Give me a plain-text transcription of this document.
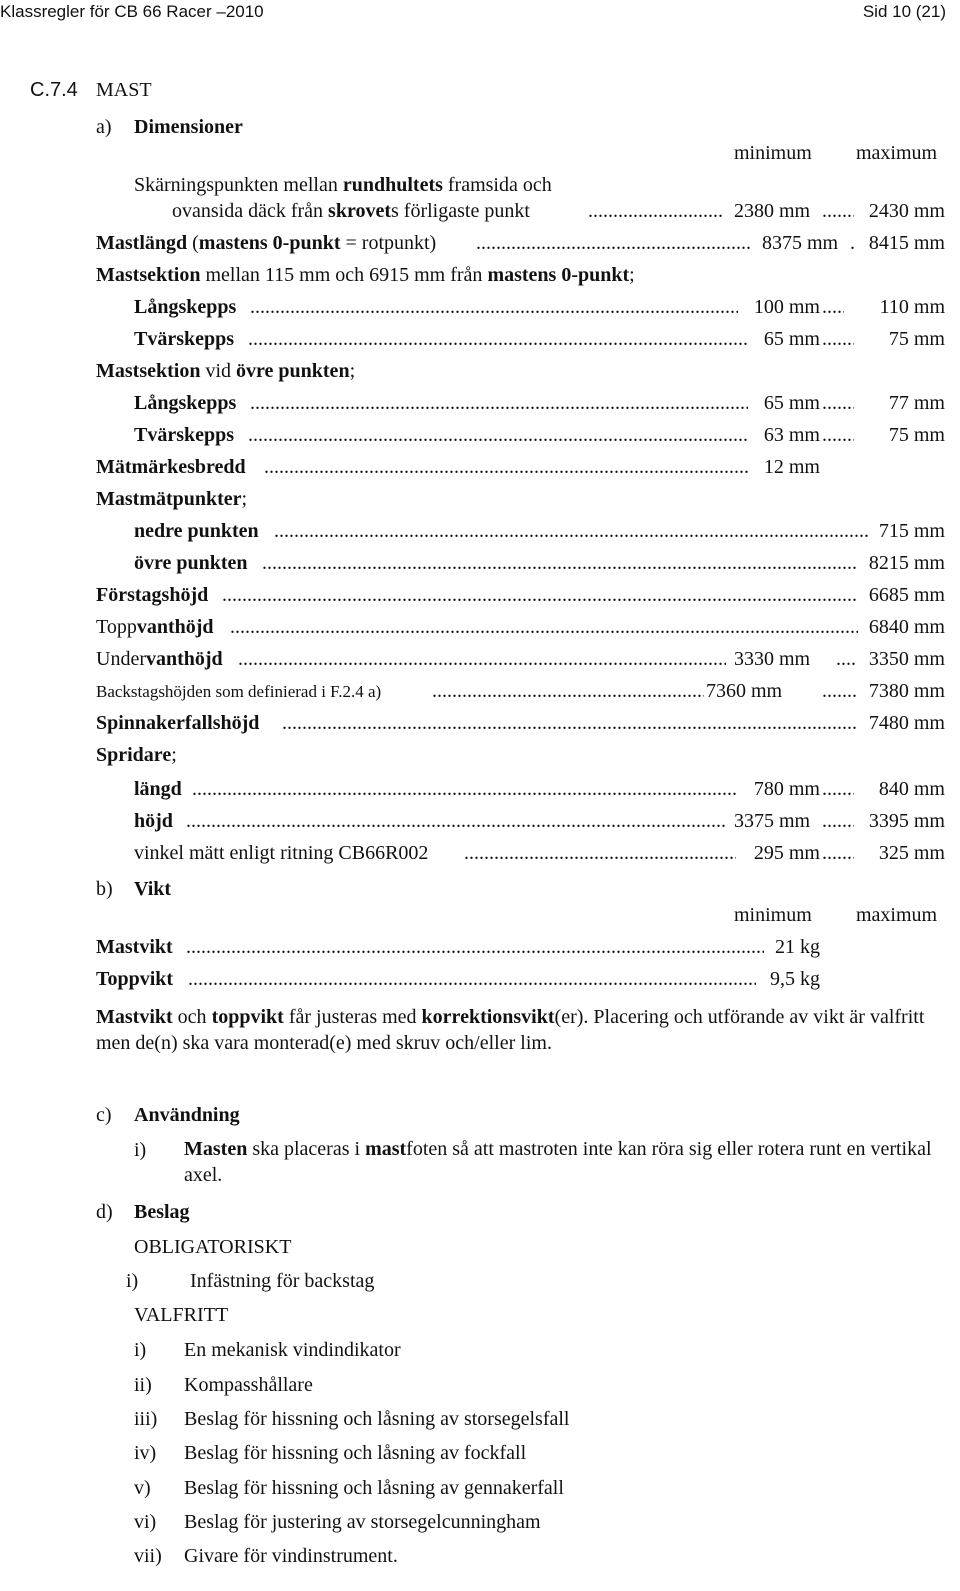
Klassregler för CB 66 Racer –2010	Sid 10 (21)
C.7.4 MAST
a) Dimensioner
minimum maximum
Skärningspunkten mellan rundhultets framsida och
ovansida däck från skrovets förligaste punkt .....	2380 mm .....	2430 mm
Mastlängd (mastens 0-punkt = rotpunkt) .....	8375 mm ..... 8415 mm
Mastsektion mellan 115 mm och 6915 mm från mastens 0-punkt;
Långskepps .....	100 mm .....	110 mm
Tvärskepps .....	65 mm .....	75 mm
Mastsektion vid övre punkten;
Långskepps .....	65 mm .....	77 mm
Tvärskepps .....	63 mm .....	75 mm
Mätmärkesbredd .....	12 mm
Mastmätpunkter;
nedre punkten .....	715 mm
övre punkten .....	8215 mm
Förstagshöjd .....	6685 mm
Toppvanthöjd .....	6840 mm
Undervanthöjd .....	3330 mm .....	3350 mm
Backstagshöjden som definierad i F.2.4 a) .....	7360 mm .....	7380 mm
Spinnakerfallshöjd .....	7480 mm
Spridare;
längd .....	780 mm .....	840 mm
höjd .....	3375 mm .....	3395 mm
vinkel mätt enligt ritning CB66R002 .....	295 mm .....	325 mm
b) Vikt
minimum maximum
Mastvikt .....	21 kg
Toppvikt .....	9,5 kg
Mastvikt och toppvikt får justeras med korrektionsvikt(er). Placering och utförande av vikt är valfritt men de(n) ska vara monterad(e) med skruv och/eller lim.
c) Användning
i) Masten ska placeras i mastfoten så att mastroten inte kan röra sig eller rotera runt en vertikal axel.
d) Beslag
OBLIGATORISKT
i)	Infästning för backstag
VALFRITT
i) En mekanisk vindindikator
ii) Kompasshållare
iii) Beslag för hissning och låsning av storsegelsfall
iv) Beslag för hissning och låsning av fockfall
v) Beslag för hissning och låsning av gennakerfall
vi) Beslag för justering av storsegelcunningham
vii) Givare för vindinstrument.
